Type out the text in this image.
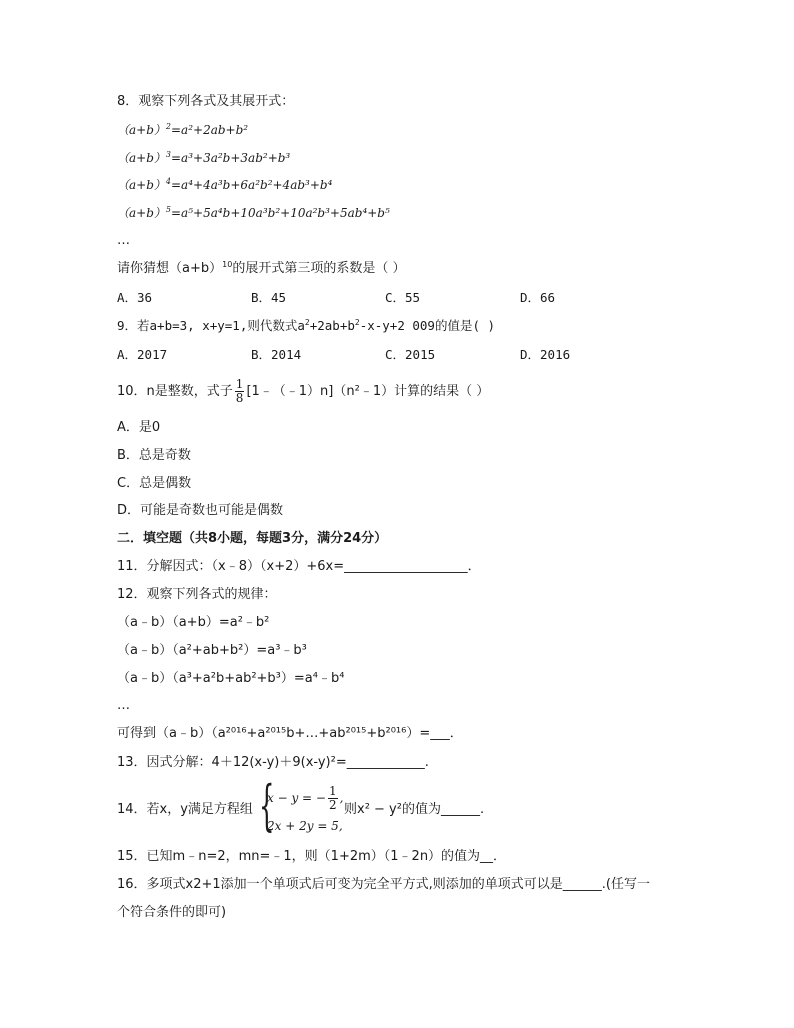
8．观察下列各式及其展开式：
$(a+b)^2=a^2+2ab+b^2$
$(a+b)^3=a^3+3a^2b+3ab^2+b^3$
$(a+b)^4=a^4+4a^3b+6a^2b^2+4ab^3+b^4$
$(a+b)^5=a^5+5a^4b+10a^3b^2+10a^2b^3+5ab^4+b^5$
…
请你猜想$(a+b)^{10}$的展开式第三项的系数是（ ）
A．36	B．45	C．55	D．66
9．若a+b=3, x+y=1,则代数式$a^2+2ab+b^2-x-y+2$ 009的值是( )
A．2017	B．2014	C．2015	D．2016
10．n是整数，式子 $\frac{1}{8}$ [1﹣（﹣1）n]（n²﹣1）计算的结果（ ）
A．是0
B．总是奇数
C．总是偶数
D．可能是奇数也可能是偶数
二．填空题（共8小题，每题3分，满分24分）
11．分解因式：（x﹣8）（x+2）+6x=___________________．
12．观察下列各式的规律：
（a﹣b）（a+b）=a²﹣b²
（a﹣b）（a²+ab+b²）=a³﹣b³
（a﹣b）（a³+a²b+ab²+b³）=a⁴﹣b⁴
…
可得到（a﹣b）（a²⁰¹⁶+a²⁰¹⁵b+…+ab²⁰¹⁵+b²⁰¹⁶）=___．
13．因式分解：4＋12(x-y)＋9(x-y)²=____________.
14．若x，y满足方程组 {
x − y = − $\frac{1}{2}$ ,
2x + 2y = 5,
则x² − y²的值为______.
15．已知m﹣n=2，mn=﹣1，则（1+2m）（1﹣2n）的值为__．
16．多项式x2+1添加一个单项式后可变为完全平方式,则添加的单项式可以是______.(任写一
个符合条件的即可)
